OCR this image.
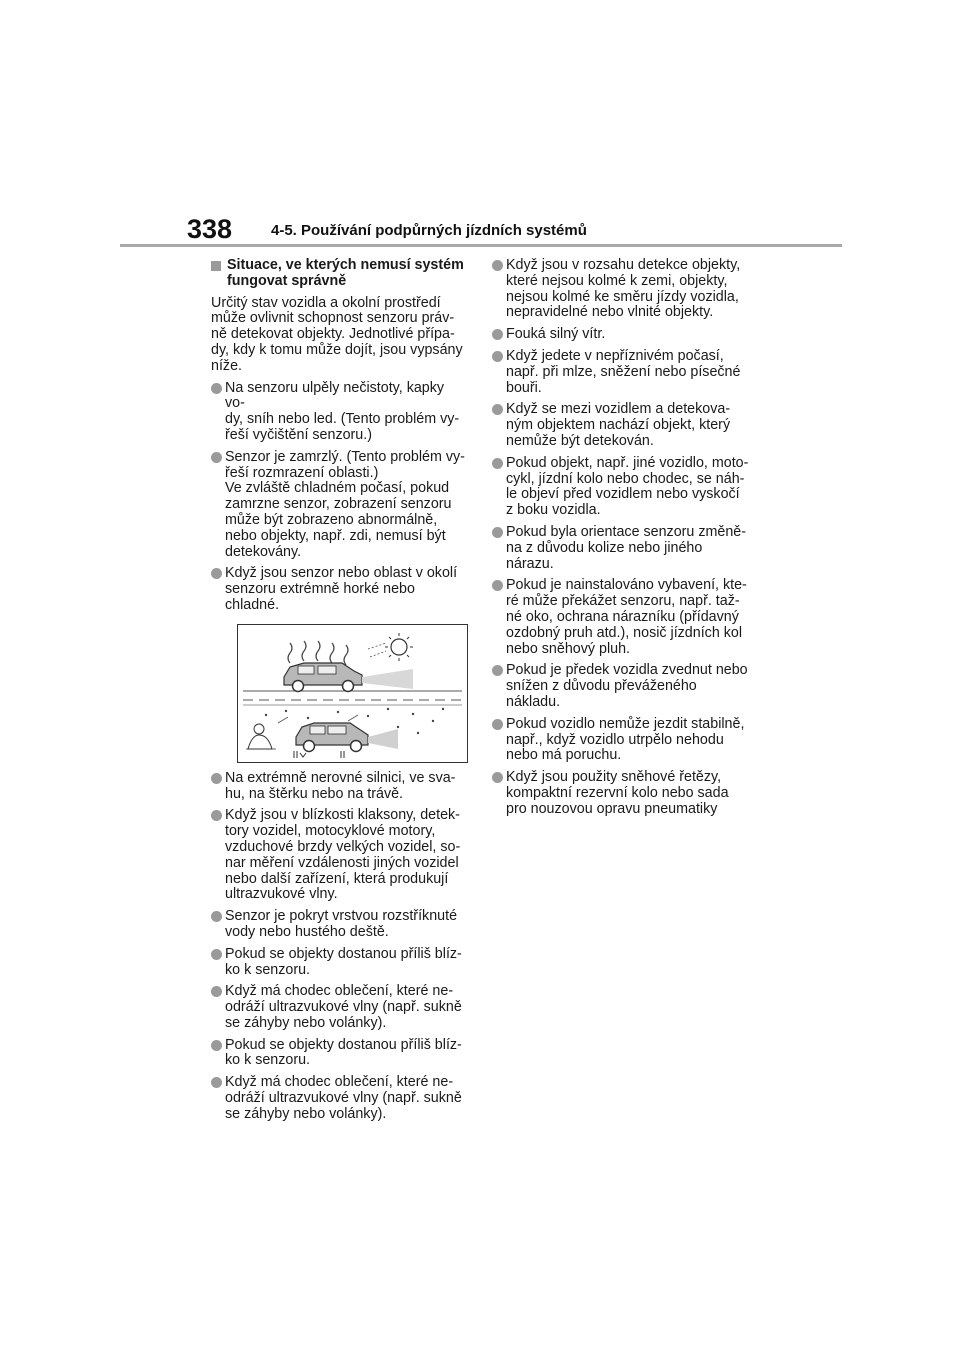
338	4-5. Používání podpůrných jízdních systémů
Situace, ve kterých nemusí systém
fungovat správně
Určitý stav vozidla a okolní prostředí
může ovlivnit schopnost senzoru práv-
ně detekovat objekty. Jednotlivé přípa-
dy, kdy k tomu může dojít, jsou vypsány
níže.
Na senzoru ulpěly nečistoty, kapky vo-
dy, sníh nebo led. (Tento problém vy-
řeší vyčištění senzoru.)
Senzor je zamrzlý. (Tento problém vy-
řeší rozmrazení oblasti.)
Ve zvláště chladném počasí, pokud
zamrzne senzor, zobrazení senzoru
může být zobrazeno abnormálně,
nebo objekty, např. zdi, nemusí být
detekovány.
Když jsou senzor nebo oblast v okolí
senzoru extrémně horké nebo chladné.
Na extrémně nerovné silnici, ve sva-
hu, na štěrku nebo na trávě.
Když jsou v blízkosti klaksony, detek-
tory vozidel, motocyklové motory,
vzduchové brzdy velkých vozidel, so-
nar měření vzdálenosti jiných vozidel
nebo další zařízení, která produkují
ultrazvukové vlny.
Senzor je pokryt vrstvou rozstříknuté
vody nebo hustého deště.
Pokud se objekty dostanou příliš blíz-
ko k senzoru.
Když má chodec oblečení, které ne-
odráží ultrazvukové vlny (např. sukně
se záhyby nebo volánky).
Pokud se objekty dostanou příliš blíz-
ko k senzoru.
Když má chodec oblečení, které ne-
odráží ultrazvukové vlny (např. sukně
se záhyby nebo volánky).
Když jsou v rozsahu detekce objekty,
které nejsou kolmé k zemi, objekty,
nejsou kolmé ke směru jízdy vozidla,
nepravidelné nebo vlnité objekty.
Fouká silný vítr.
Když jedete v nepříznivém počasí,
např. při mlze, sněžení nebo písečné
bouři.
Když se mezi vozidlem a detekova-
ným objektem nachází objekt, který
nemůže být detekován.
Pokud objekt, např. jiné vozidlo, moto-
cykl, jízdní kolo nebo chodec, se náh-
le objeví před vozidlem nebo vyskočí
z boku vozidla.
Pokud byla orientace senzoru změně-
na z důvodu kolize nebo jiného nárazu.
Pokud je nainstalováno vybavení, kte-
ré může překážet senzoru, např. taž-
né oko, ochrana nárazníku (přídavný
ozdobný pruh atd.), nosič jízdních kol
nebo sněhový pluh.
Pokud je předek vozidla zvednut nebo
snížen z důvodu převáženého nákladu.
Pokud vozidlo nemůže jezdit stabilně,
např., když vozidlo utrpělo nehodu
nebo má poruchu.
Když jsou použity sněhové řetězy,
kompaktní rezervní kolo nebo sada
pro nouzovou opravu pneumatiky
